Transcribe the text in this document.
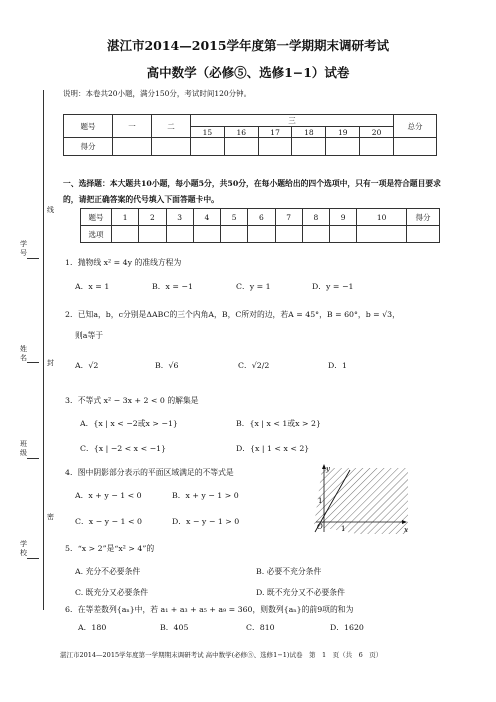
湛江市2014—2015学年度第一学期期末调研考试
高中数学（必修⑤、选修1−1）试卷
说明：本卷共20小题，满分150分，考试时间120分钟。
题号	一	二	三						总分
			15	16	17	18	19	20	
得分									
一、选择题：本大题共10小题，每小题5分，共50分，在每小题给出的四个选项中，只有一项是符合题目要求的，请把正确答案的代号填入下面答题卡中。
题号	1	2	3	4	5	6	7	8	9	10	得分
选项											
学号
姓名
班级
学校
线
封
密
1．抛物线 x² = 4y 的准线方程为
A．x = 1	B．x = −1	C．y = 1	D．y = −1
2．已知a，b，c分别是ΔABC的三个内角A，B，C所对的边，若A = 45°，B = 60°，b = √3，
则a等于
A．√2	B．√6	C．√2/2	D．1
3．不等式 x² − 3x + 2 < 0 的解集是
A．{x | x < −2或x > −1}	B．{x | x < 1或x > 2}
C．{x | −2 < x < −1}	D．{x | 1 < x < 2}
4．图中阴影部分表示的平面区域满足的不等式是
A．x + y − 1 < 0	B．x + y − 1 > 0
C．x − y − 1 < 0	D．x − y − 1 > 0
y
x
1
1
O
5．“x > 2”是“x² > 4”的
A. 充分不必要条件	B. 必要不充分条件
C. 既充分又必要条件	D. 既不充分又不必要条件
6．在等差数列{aₙ}中，若 a₁ + a₃ + a₅ + a₉ = 360，则数列{aₙ}的前9项的和为
A．180	B．405	C．810	D．1620
湛江市2014—2015学年度第一学期期末调研考试 高中数学(必修⑤、选修1−1)试卷　第　1　页（共　6　页）
